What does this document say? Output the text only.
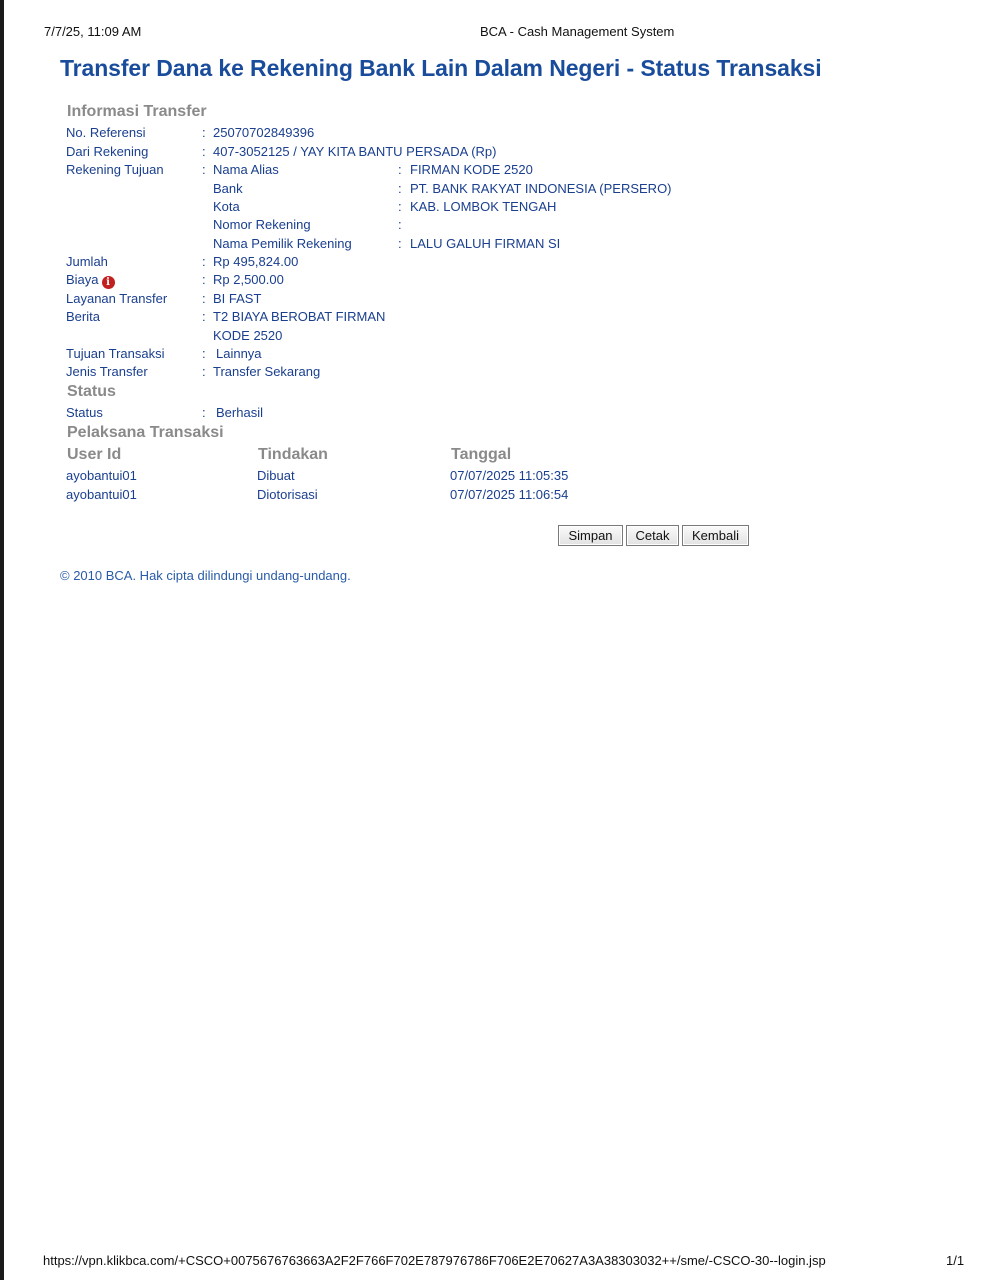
7/7/25, 11:09 AM	BCA - Cash Management System
Transfer Dana ke Rekening Bank Lain Dalam Negeri - Status Transaksi
Informasi Transfer
No. Referensi	: 25070702849396
Dari Rekening	: 407-3052125 / YAY KITA BANTU PERSADA (Rp)
Rekening Tujuan	: Nama Alias	: FIRMAN KODE 2520
Bank	: PT. BANK RAKYAT INDONESIA (PERSERO)
Kota	: KAB. LOMBOK TENGAH
Nomor Rekening	:
Nama Pemilik Rekening	: LALU GALUH FIRMAN SI
Jumlah	: Rp 495,824.00
Biaya i	: Rp 2,500.00
Layanan Transfer	: BI FAST
Berita	: T2 BIAYA BEROBAT FIRMAN
KODE 2520
Tujuan Transaksi	: Lainnya
Jenis Transfer	: Transfer Sekarang
Status
Status	: Berhasil
Pelaksana Transaksi
User Id	Tindakan	Tanggal
ayobantui01	Dibuat	07/07/2025 11:05:35
ayobantui01	Diotorisasi	07/07/2025 11:06:54
Simpan	Cetak	Kembali
© 2010 BCA. Hak cipta dilindungi undang-undang.
https://vpn.klikbca.com/+CSCO+0075676763663A2F2F766F702E787976786F706E2E70627A3A38303032++/sme/-CSCO-30--login.jsp	1/1
